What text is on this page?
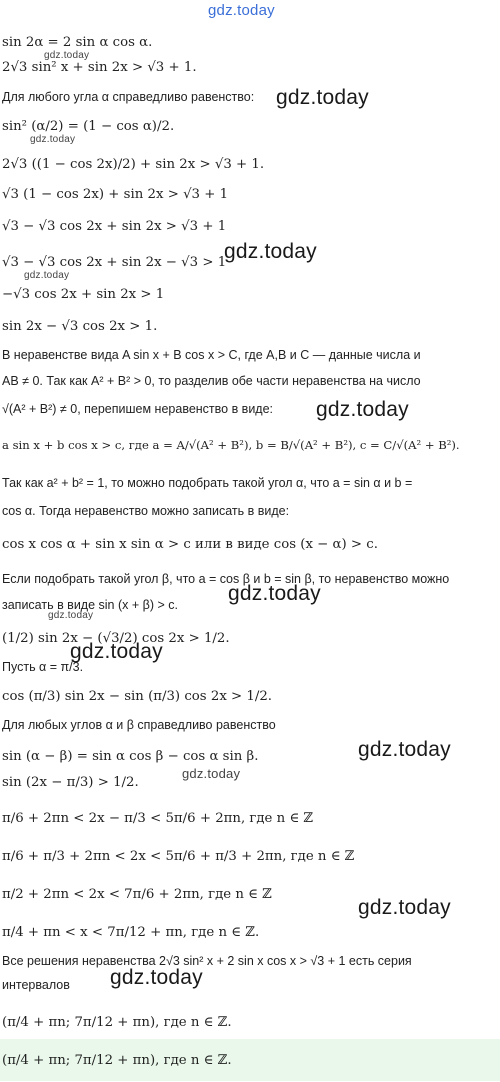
gdz.today
sin 2α = 2 sin α cos α.
gdz.today
2√3 sin² x + sin 2x > √3 + 1.
Для любого угла α справедливо равенство:	gdz.today
sin² (α/2) = (1 − cos α)/2.
gdz.today
2√3 ((1 − cos 2x)/2) + sin 2x > √3 + 1.
√3 (1 − cos 2x) + sin 2x > √3 + 1
√3 − √3 cos 2x + sin 2x > √3 + 1
gdz.today
√3 − √3 cos 2x + sin 2x − √3 > 1
gdz.today
−√3 cos 2x + sin 2x > 1
sin 2x − √3 cos 2x > 1.
В неравенстве вида A sin x + B cos x > C, где A,B и C — данные числа и
AB ≠ 0. Так как A² + B² > 0, то разделив обе части неравенства на число
√(A² + B²) ≠ 0, перепишем неравенство в виде:	gdz.today
a sin x + b cos x > c, где a = A/√(A² + B²), b = B/√(A² + B²), c = C/√(A² + B²).
Так как a² + b² = 1, то можно подобрать такой угол α, что a = sin α и b =
cos α. Тогда неравенство можно записать в виде:
cos x cos α + sin x sin α > c или в виде cos (x − α) > c.
Если подобрать такой угол β, что a = cos β и b = sin β, то неравенство можно
записать в виде sin (x + β) > c.	gdz.today
gdz.today
(1/2) sin 2x − (√3/2) cos 2x > 1/2.
Пусть α = π/3.
gdz.today
cos (π/3) sin 2x − sin (π/3) cos 2x > 1/2.
Для любых углов α и β справедливо равенство
sin (α − β) = sin α cos β − cos α sin β.	gdz.today
sin (2x − π/3) > 1/2.
gdz.today
π/6 + 2πn < 2x − π/3 < 5π/6 + 2πn, где n ∈ ℤ
π/6 + π/3 + 2πn < 2x < 5π/6 + π/3 + 2πn, где n ∈ ℤ
π/2 + 2πn < 2x < 7π/6 + 2πn, где n ∈ ℤ
gdz.today
π/4 + πn < x < 7π/12 + πn, где n ∈ ℤ.
Все решения неравенства 2√3 sin² x + 2 sin x cos x > √3 + 1 есть серия
интервалов	gdz.today
(π/4 + πn; 7π/12 + πn), где n ∈ ℤ.
(π/4 + πn; 7π/12 + πn), где n ∈ ℤ.
